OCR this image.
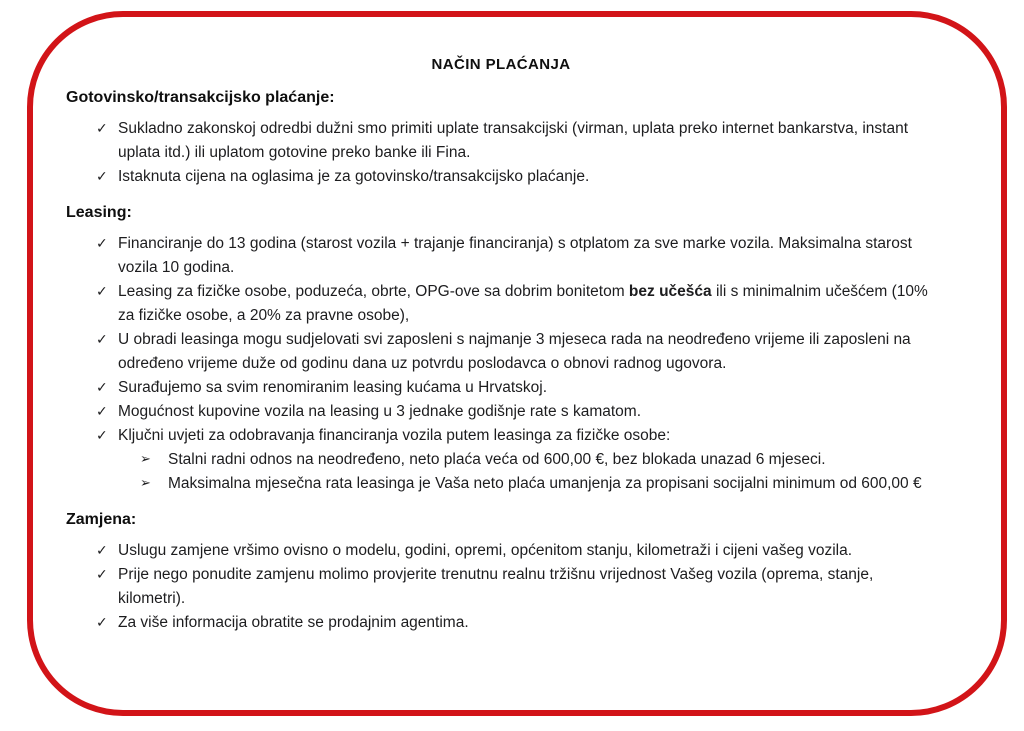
NAČIN PLAĆANJA
Gotovinsko/transakcijsko plaćanje:
✓ Sukladno zakonskoj odredbi dužni smo primiti uplate transakcijski (virman, uplata preko internet bankarstva, instant uplata itd.) ili uplatom gotovine preko banke ili Fina.
✓ Istaknuta cijena na oglasima je za gotovinsko/transakcijsko plaćanje.
Leasing:
✓ Financiranje do 13 godina (starost vozila + trajanje financiranja) s otplatom za sve marke vozila. Maksimalna starost vozila 10 godina.
✓ Leasing za fizičke osobe, poduzeća, obrte, OPG-ove sa dobrim bonitetom bez učešća ili s minimalnim učešćem (10% za fizičke osobe, a 20% za pravne osobe),
✓ U obradi leasinga mogu sudjelovati svi zaposleni s najmanje 3 mjeseca rada na neodređeno vrijeme ili zaposleni na određeno vrijeme duže od godinu dana uz potvrdu poslodavca o obnovi radnog ugovora.
✓ Surađujemo sa svim renomiranim leasing kućama u Hrvatskoj.
✓ Mogućnost kupovine vozila na leasing u 3 jednake godišnje rate s kamatom.
✓ Ključni uvjeti za odobravanja financiranja vozila putem leasinga za fizičke osobe:
➢	Stalni radni odnos na neodređeno, neto plaća veća od 600,00 €, bez blokada unazad 6 mjeseci.
➢	Maksimalna mjesečna rata leasinga je Vaša neto plaća umanjenja za propisani socijalni minimum od 600,00 €
Zamjena:
✓ Uslugu zamjene vršimo ovisno o modelu, godini, opremi, općenitom stanju, kilometraži i cijeni vašeg vozila.
✓ Prije nego ponudite zamjenu molimo provjerite trenutnu realnu tržišnu vrijednost Vašeg vozila (oprema, stanje, kilometri).
✓ Za više informacija obratite se prodajnim agentima.
